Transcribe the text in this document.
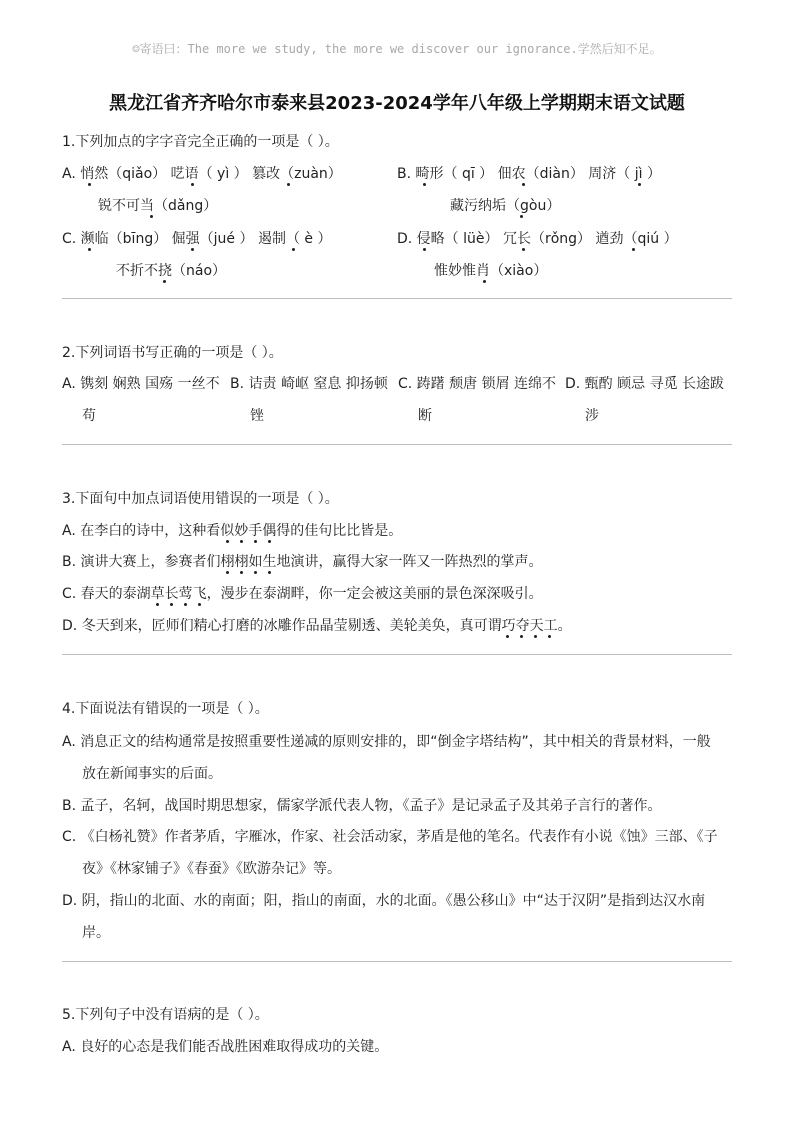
☺寄语曰：The more we study, the more we discover our ignorance.学然后知不足。
黑龙江省齐齐哈尔市泰来县2023-2024学年八年级上学期期末语文试题
1.下列加点的字字音完全正确的一项是（ ）。
A. 悄然（qiǎo） 呓语（ yì ） 篡改（zuàn）
锐不可当（dǎng）
B. 畸形（ qī ） 佃农（diàn） 周济（ jì ）
藏污纳垢（gòu）
C. 濒临（bīng） 倔强（jué ） 遏制（ è ）
不折不挠（náo）
D. 侵略（ lüè） 冗长（rǒng） 遒劲（qiú ）
惟妙惟肖（xiào）
2.下列词语书写正确的一项是（ ）。
A. 镌刻 娴熟 国殇 一丝不
苟
B. 诘责 崎岖 窒息 抑扬顿
锉
C. 踌躇 颓唐 锁屑 连绵不
断
D. 甄酌 顾忌 寻觅 长途跋
涉
3.下面句中加点词语使用错误的一项是（ ）。
A. 在李白的诗中，这种看似妙手偶得的佳句比比皆是。
B. 演讲大赛上，参赛者们栩栩如生地演讲，赢得大家一阵又一阵热烈的掌声。
C. 春天的泰湖草长莺飞，漫步在泰湖畔，你一定会被这美丽的景色深深吸引。
D. 冬天到来，匠师们精心打磨的冰雕作品晶莹剔透、美轮美奂，真可谓巧夺天工。
4.下面说法有错误的一项是（ ）。
A. 消息正文的结构通常是按照重要性递减的原则安排的，即“倒金字塔结构”，其中相关的背景材料，一般
放在新闻事实的后面。
B. 孟子，名轲，战国时期思想家，儒家学派代表人物，《孟子》是记录孟子及其弟子言行的著作。
C. 《白杨礼赞》作者茅盾，字雁冰，作家、社会活动家，茅盾是他的笔名。代表作有小说《蚀》三部、《子
夜》《林家铺子》《春蚕》《欧游杂记》等。
D. 阴，指山的北面、水的南面；阳，指山的南面，水的北面。《愚公移山》中“达于汉阴”是指到达汉水南
岸。
5.下列句子中没有语病的是（ ）。
A. 良好的心态是我们能否战胜困难取得成功的关键。
